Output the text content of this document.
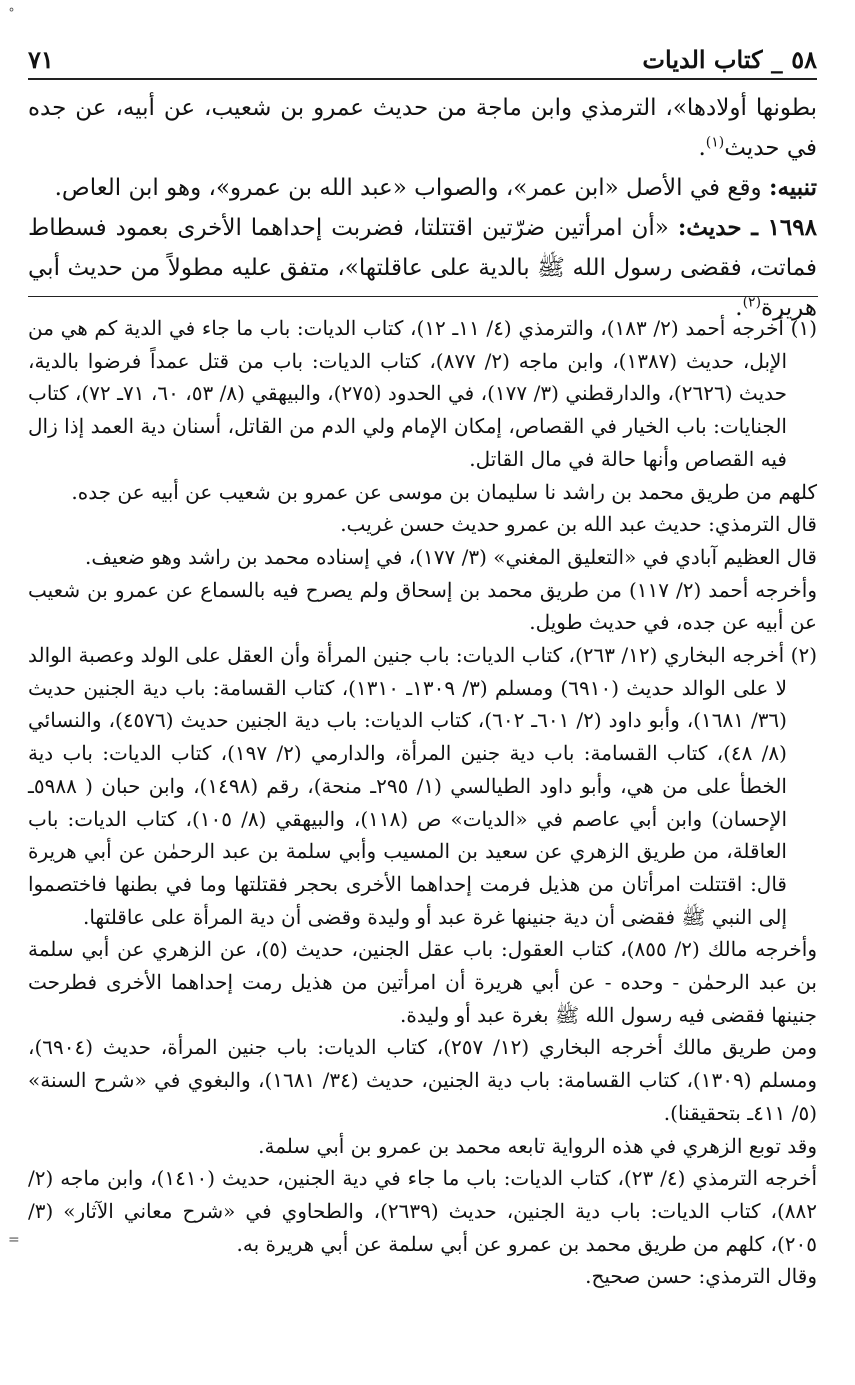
٥٨ _ كتاب الديات
٧١

بطونها أولادها»، الترمذي وابن ماجة من حديث عمرو بن شعيب، عن أبيه، عن جده في حديث$^{(١)}$.

تنبيه: وقع في الأصل «ابن عمر»، والصواب «عبد الله بن عمرو»، وهو ابن العاص.

١٦٩٨ ـ حديث: «أن امرأتين ضرّتين اقتتلتا، فضربت إحداهما الأخرى بعمود فسطاط فماتت، فقضى رسول الله ﷺ بالدية على عاقلتها»، متفق عليه مطولاً من حديث أبي هريرة$^{(٢)}$.

(١) أخرجه أحمد (٢/ ١٨٣)، والترمذي (٤/ ١١ـ ١٢)، كتاب الديات: باب ما جاء في الدية كم هي من الإبل، حديث (١٣٨٧)، وابن ماجه (٢/ ٨٧٧)، كتاب الديات: باب من قتل عمداً فرضوا بالدية، حديث (٢٦٢٦)، والدارقطني (٣/ ١٧٧)، في الحدود (٢٧٥)، والبيهقي (٨/ ٥٣، ٦٠، ٧١ـ ٧٢)، كتاب الجنايات: باب الخيار في القصاص، إمكان الإمام ولي الدم من القاتل، أسنان دية العمد إذا زال فيه القصاص وأنها حالة في مال القاتل.

كلهم من طريق محمد بن راشد نا سليمان بن موسى عن عمرو بن شعيب عن أبيه عن جده.

قال الترمذي: حديث عبد الله بن عمرو حديث حسن غريب.

قال العظيم آبادي في «التعليق المغني» (٣/ ١٧٧)، في إسناده محمد بن راشد وهو ضعيف.

وأخرجه أحمد (٢/ ١١٧) من طريق محمد بن إسحاق ولم يصرح فيه بالسماع عن عمرو بن شعيب عن أبيه عن جده، في حديث طويل.

(٢) أخرجه البخاري (١٢/ ٢٦٣)، كتاب الديات: باب جنين المرأة وأن العقل على الولد وعصبة الوالد لا على الوالد حديث (٦٩١٠) ومسلم (٣/ ١٣٠٩ـ ١٣١٠)، كتاب القسامة: باب دية الجنين حديث (٣٦/ ١٦٨١)، وأبو داود (٢/ ٦٠١ـ ٦٠٢)، كتاب الديات: باب دية الجنين حديث (٤٥٧٦)، والنسائي (٨/ ٤٨)، كتاب القسامة: باب دية جنين المرأة، والدارمي (٢/ ١٩٧)، كتاب الديات: باب دية الخطأ على من هي، وأبو داود الطيالسي (١/ ٢٩٥ـ منحة)، رقم (١٤٩٨)، وابن حبان ( ٥٩٨٨ـ الإحسان) وابن أبي عاصم في «الديات» ص (١١٨)، والبيهقي (٨/ ١٠٥)، كتاب الديات: باب العاقلة، من طريق الزهري عن سعيد بن المسيب وأبي سلمة بن عبد الرحمٰن عن أبي هريرة قال: اقتتلت امرأتان من هذيل فرمت إحداهما الأخرى بحجر فقتلتها وما في بطنها فاختصموا إلى النبي ﷺ فقضى أن دية جنينها غرة عبد أو وليدة وقضى أن دية المرأة على عاقلتها.

وأخرجه مالك (٢/ ٨٥٥)، كتاب العقول: باب عقل الجنين، حديث (٥)، عن الزهري عن أبي سلمة بن عبد الرحمٰن - وحده - عن أبي هريرة أن امرأتين من هذيل رمت إحداهما الأخرى فطرحت جنينها فقضى فيه رسول الله ﷺ بغرة عبد أو وليدة.

ومن طريق مالك أخرجه البخاري (١٢/ ٢٥٧)، كتاب الديات: باب جنين المرأة، حديث (٦٩٠٤)، ومسلم (١٣٠٩)، كتاب القسامة: باب دية الجنين، حديث (٣٤/ ١٦٨١)، والبغوي في «شرح السنة» (٥/ ٤١١ـ بتحقيقنا).

وقد توبع الزهري في هذه الرواية تابعه محمد بن عمرو بن أبي سلمة.

أخرجه الترمذي (٤/ ٢٣)، كتاب الديات: باب ما جاء في دية الجنين، حديث (١٤١٠)، وابن ماجه (٢/ ٨٨٢)، كتاب الديات: باب دية الجنين، حديث (٢٦٣٩)، والطحاوي في «شرح معاني الآثار» (٣/ ٢٠٥)، كلهم من طريق محمد بن عمرو عن أبي سلمة عن أبي هريرة به.

وقال الترمذي: حسن صحيح.

˚
=
